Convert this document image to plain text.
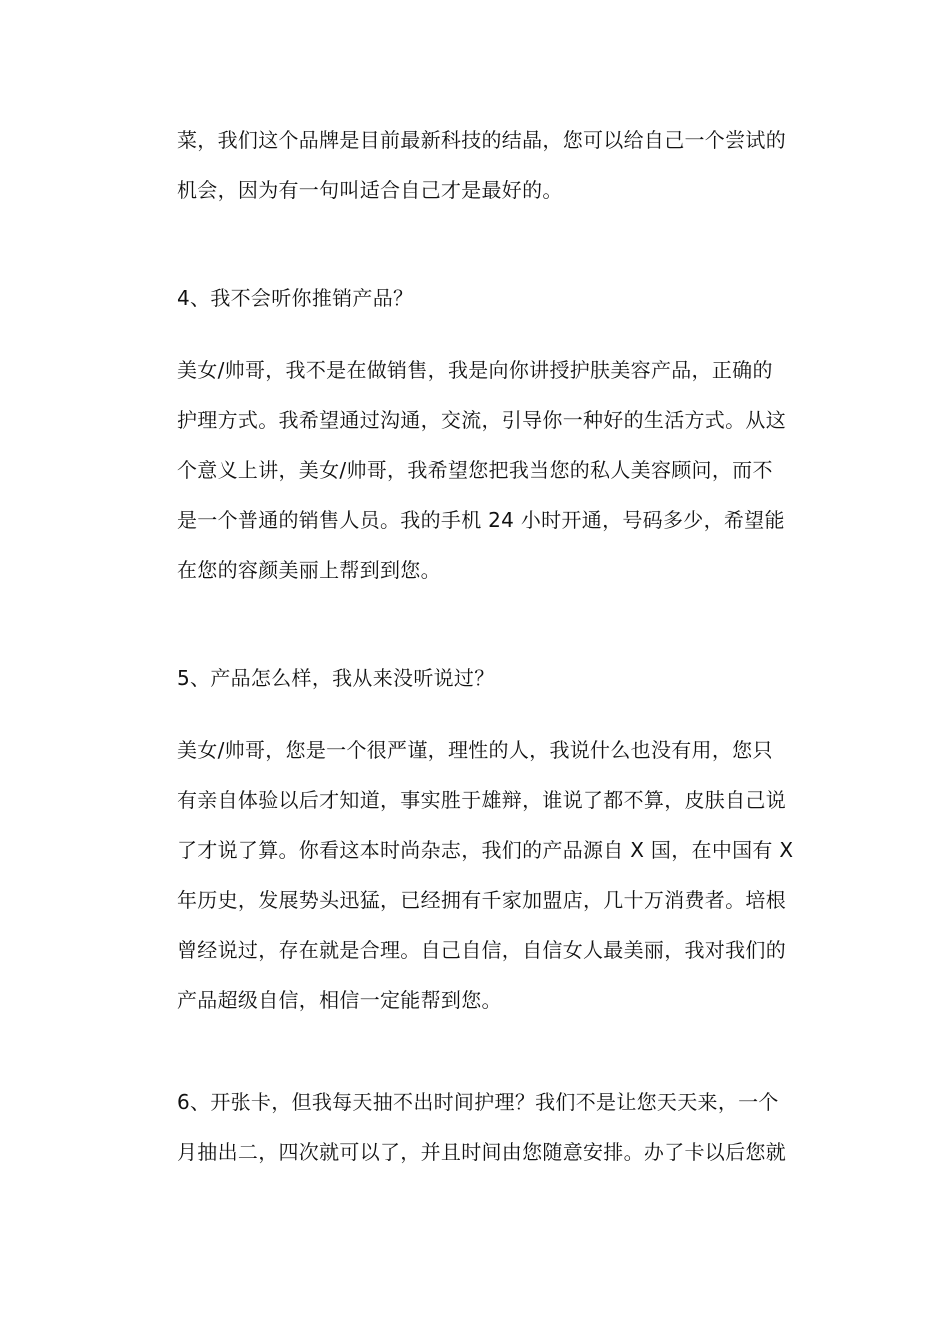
菜，我们这个品牌是目前最新科技的结晶，您可以给自己一个尝试的
机会，因为有一句叫适合自己才是最好的。
4、我不会听你推销产品？
美女/帅哥，我不是在做销售，我是向你讲授护肤美容产品，正确的
护理方式。我希望通过沟通，交流，引导你一种好的生活方式。从这
个意义上讲，美女/帅哥，我希望您把我当您的私人美容顾问，而不
是一个普通的销售人员。我的手机 24 小时开通，号码多少，希望能
在您的容颜美丽上帮到到您。
5、产品怎么样，我从来没听说过？
美女/帅哥，您是一个很严谨，理性的人，我说什么也没有用，您只
有亲自体验以后才知道，事实胜于雄辩，谁说了都不算，皮肤自己说
了才说了算。你看这本时尚杂志，我们的产品源自 X 国，在中国有 X
年历史，发展势头迅猛，已经拥有千家加盟店，几十万消费者。培根
曾经说过，存在就是合理。自己自信，自信女人最美丽，我对我们的
产品超级自信，相信一定能帮到您。
6、开张卡，但我每天抽不出时间护理？我们不是让您天天来，一个
月抽出二，四次就可以了，并且时间由您随意安排。办了卡以后您就
